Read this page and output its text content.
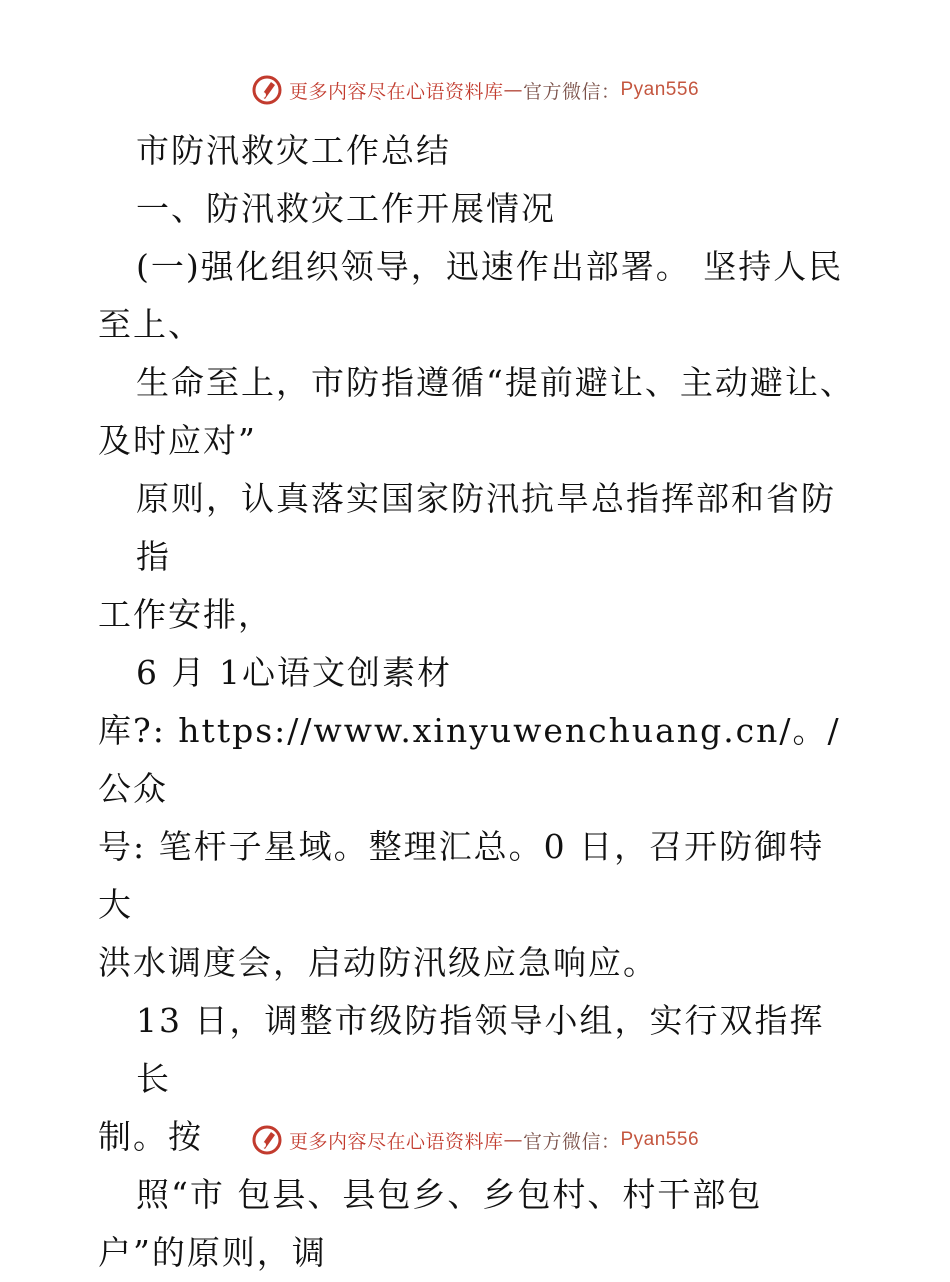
更多内容尽在心语资料库 — 官方微信： Pyan556

市防汛救灾工作总结

一、防汛救灾工作开展情况

(一)强化组织领导，迅速作出部署。 坚持人民

至上、

生命至上，市防指遵循“提前避让、主动避让、

及时应对”

原则，认真落实国家防汛抗旱总指挥部和省防指

工作安排，

6 月 1心语文创素材

库?: https://www.xinyuwenchuang.cn/。/公众

号: 笔杆子星域。整理汇总。0 日，召开防御特大

洪水调度会，启动防汛级应急响应。

13 日，调整市级防指领导小组，实行双指挥长

制。按

照“市 包县、县包乡、乡包村、村干部包

户”的原则，调

更多内容尽在心语资料库 — 官方微信： Pyan556
